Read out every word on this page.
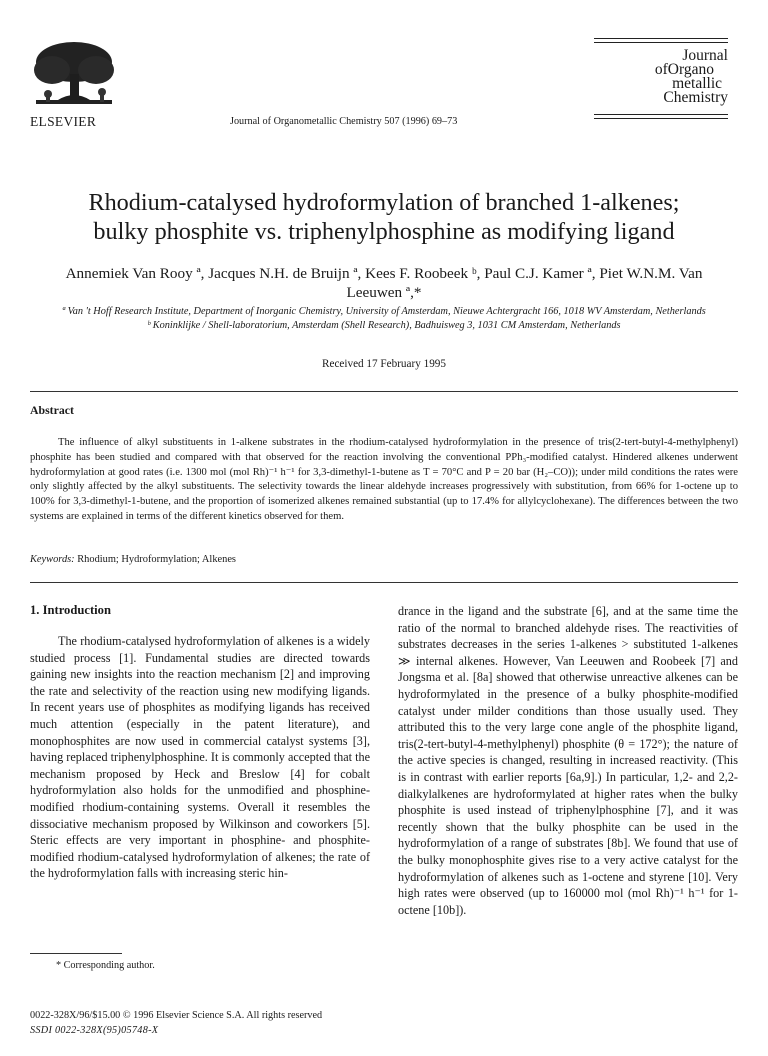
ELSEVIER	Journal of Organometallic Chemistry 507 (1996) 69–73
Journal
ofOrgano
metallic
Chemistry
Rhodium-catalysed hydroformylation of branched 1-alkenes; bulky phosphite vs. triphenylphosphine as modifying ligand
Annemiek Van Rooy ª, Jacques N.H. de Bruijn ª, Kees F. Roobeek ᵇ, Paul C.J. Kamer ª, Piet W.N.M. Van Leeuwen ª,*
ª Van 't Hoff Research Institute, Department of Inorganic Chemistry, University of Amsterdam, Nieuwe Achtergracht 166, 1018 WV Amsterdam, Netherlands
ᵇ Koninklijke / Shell-laboratorium, Amsterdam (Shell Research), Badhuisweg 3, 1031 CM Amsterdam, Netherlands
Received 17 February 1995
Abstract
The influence of alkyl substituents in 1-alkene substrates in the rhodium-catalysed hydroformylation in the presence of tris(2-tert-butyl-4-methylphenyl) phosphite has been studied and compared with that observed for the reaction involving the conventional PPh₃-modified catalyst. Hindered alkenes underwent hydroformylation at good rates (i.e. 1300 mol (mol Rh)⁻¹ h⁻¹ for 3,3-dimethyl-1-butene as T = 70°C and P = 20 bar (H₂–CO)); under mild conditions the rates were only slightly affected by the alkyl substituents. The selectivity towards the linear aldehyde increases progressively with substitution, from 66% for 1-octene up to 100% for 3,3-dimethyl-1-butene, and the proportion of isomerized alkenes remained substantial (up to 17.4% for allylcyclohexane). The differences between the two systems are explained in terms of the different kinetics observed for them.
Keywords: Rhodium; Hydroformylation; Alkenes
1. Introduction
The rhodium-catalysed hydroformylation of alkenes is a widely studied process [1]. Fundamental studies are directed towards gaining new insights into the reaction mechanism [2] and improving the rate and selectivity of the reaction using new modifying ligands. In recent years use of phosphites as modifying ligands has received much attention (especially in the patent literature), and monophosphites are now used in commercial catalyst systems [3], having replaced triphenylphosphine. It is commonly accepted that the mechanism proposed by Heck and Breslow [4] for cobalt hydroformylation also holds for the unmodified and phosphine-modified rhodium-containing systems. Overall it resembles the dissociative mechanism proposed by Wilkinson and coworkers [5]. Steric effects are very important in phosphine- and phosphite-modified rhodium-catalysed hydroformylation of alkenes; the rate of the hydroformylation falls with increasing steric hin-
drance in the ligand and the substrate [6], and at the same time the ratio of the normal to branched aldehyde rises. The reactivities of substrates decreases in the series 1-alkenes > substituted 1-alkenes ≫ internal alkenes. However, Van Leeuwen and Roobeek [7] and Jongsma et al. [8a] showed that otherwise unreactive alkenes can be hydroformylated in the presence of a bulky phosphite-modified catalyst under milder conditions than those usually used. They attributed this to the very large cone angle of the phosphite ligand, tris(2-tert-butyl-4-methylphenyl) phosphite (θ = 172°); the nature of the active species is changed, resulting in increased reactivity. (This is in contrast with earlier reports [6a,9].) In particular, 1,2- and 2,2-dialkylalkenes are hydroformylated at higher rates when the bulky phosphite is used instead of triphenylphosphine [7], and it was recently shown that the bulky phosphite can be used in the hydroformylation of a range of substrates [8b]. We found that use of the bulky monophosphite gives rise to a very active catalyst for the hydroformylation of alkenes such as 1-octene and styrene [10]. Very high rates were observed (up to 160000 mol (mol Rh)⁻¹ h⁻¹ for 1-octene [10b]).
* Corresponding author.
0022-328X/96/$15.00 © 1996 Elsevier Science S.A. All rights reserved
SSDI 0022-328X(95)05748-X
